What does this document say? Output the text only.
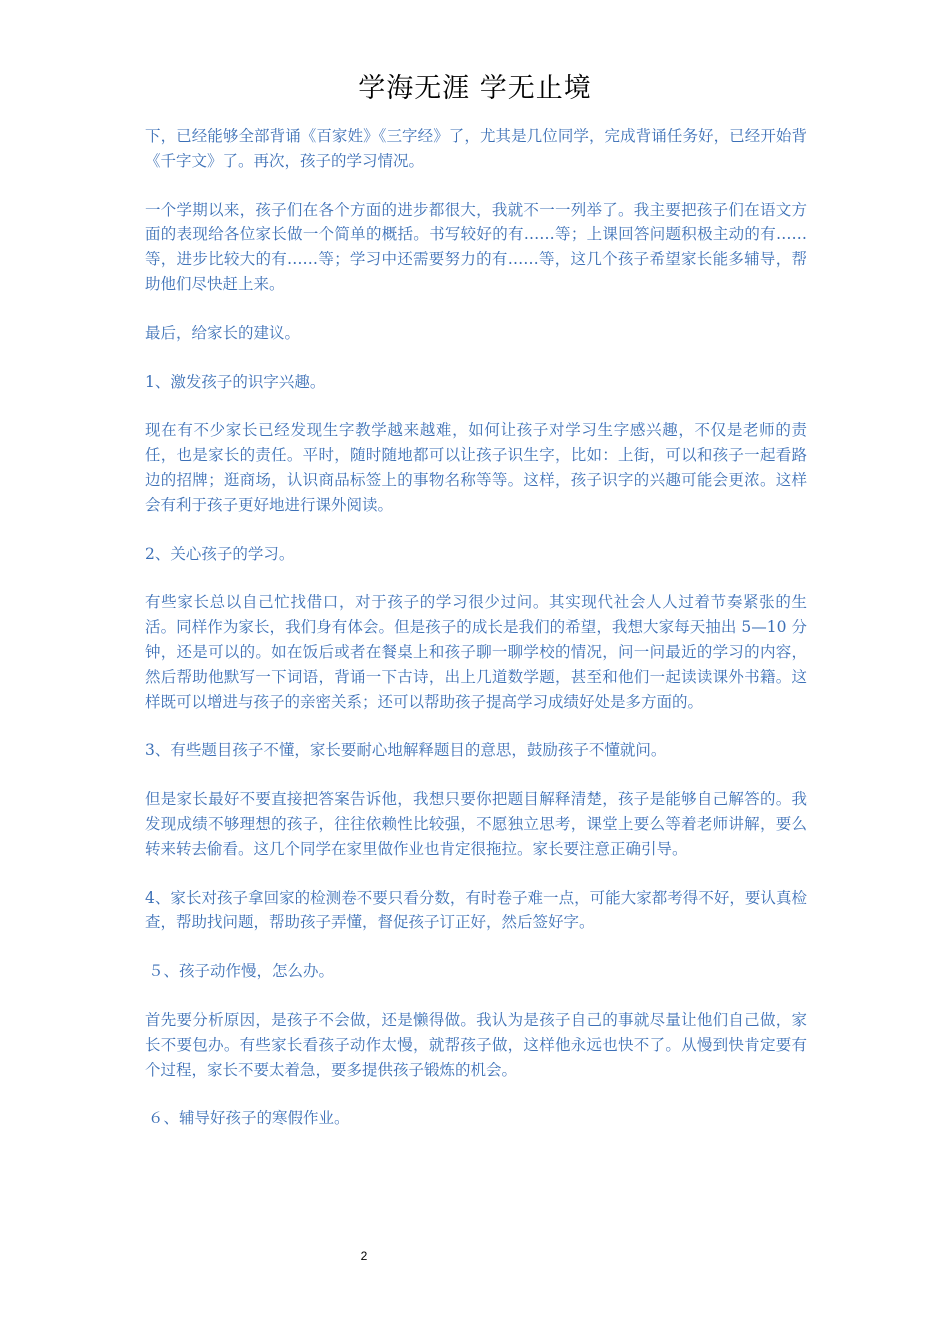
学海无涯 学无止境

下，已经能够全部背诵《百家姓》《三字经》了，尤其是几位同学，完成背诵任务好，已经开始背《千字文》了。再次，孩子的学习情况。

一个学期以来，孩子们在各个方面的进步都很大，我就不一一列举了。我主要把孩子们在语文方面的表现给各位家长做一个简单的概括。书写较好的有……等；上课回答问题积极主动的有……等，进步比较大的有……等；学习中还需要努力的有……等，这几个孩子希望家长能多辅导，帮助他们尽快赶上来。

最后，给家长的建议。

1、激发孩子的识字兴趣。

现在有不少家长已经发现生字教学越来越难，如何让孩子对学习生字感兴趣，不仅是老师的责任，也是家长的责任。平时，随时随地都可以让孩子识生字，比如：上街，可以和孩子一起看路边的招牌；逛商场，认识商品标签上的事物名称等等。这样，孩子识字的兴趣可能会更浓。这样会有利于孩子更好地进行课外阅读。

2、关心孩子的学习。

有些家长总以自己忙找借口，对于孩子的学习很少过问。其实现代社会人人过着节奏紧张的生活。同样作为家长，我们身有体会。但是孩子的成长是我们的希望，我想大家每天抽出 5—10 分钟，还是可以的。如在饭后或者在餐桌上和孩子聊一聊学校的情况，问一问最近的学习的内容，然后帮助他默写一下词语，背诵一下古诗，出上几道数学题，甚至和他们一起读读课外书籍。这样既可以增进与孩子的亲密关系；还可以帮助孩子提高学习成绩好处是多方面的。

3、有些题目孩子不懂，家长要耐心地解释题目的意思，鼓励孩子不懂就问。

但是家长最好不要直接把答案告诉他，我想只要你把题目解释清楚，孩子是能够自己解答的。我发现成绩不够理想的孩子，往往依赖性比较强，不愿独立思考，课堂上要么等着老师讲解，要么转来转去偷看。这几个同学在家里做作业也肯定很拖拉。家长要注意正确引导。

4、家长对孩子拿回家的检测卷不要只看分数，有时卷子难一点，可能大家都考得不好，要认真检查，帮助找问题，帮助孩子弄懂，督促孩子订正好，然后签好字。

５、孩子动作慢，怎么办。

首先要分析原因，是孩子不会做，还是懒得做。我认为是孩子自己的事就尽量让他们自己做，家长不要包办。有些家长看孩子动作太慢，就帮孩子做，这样他永远也快不了。从慢到快肯定要有个过程，家长不要太着急，要多提供孩子锻炼的机会。

６、辅导好孩子的寒假作业。

2
